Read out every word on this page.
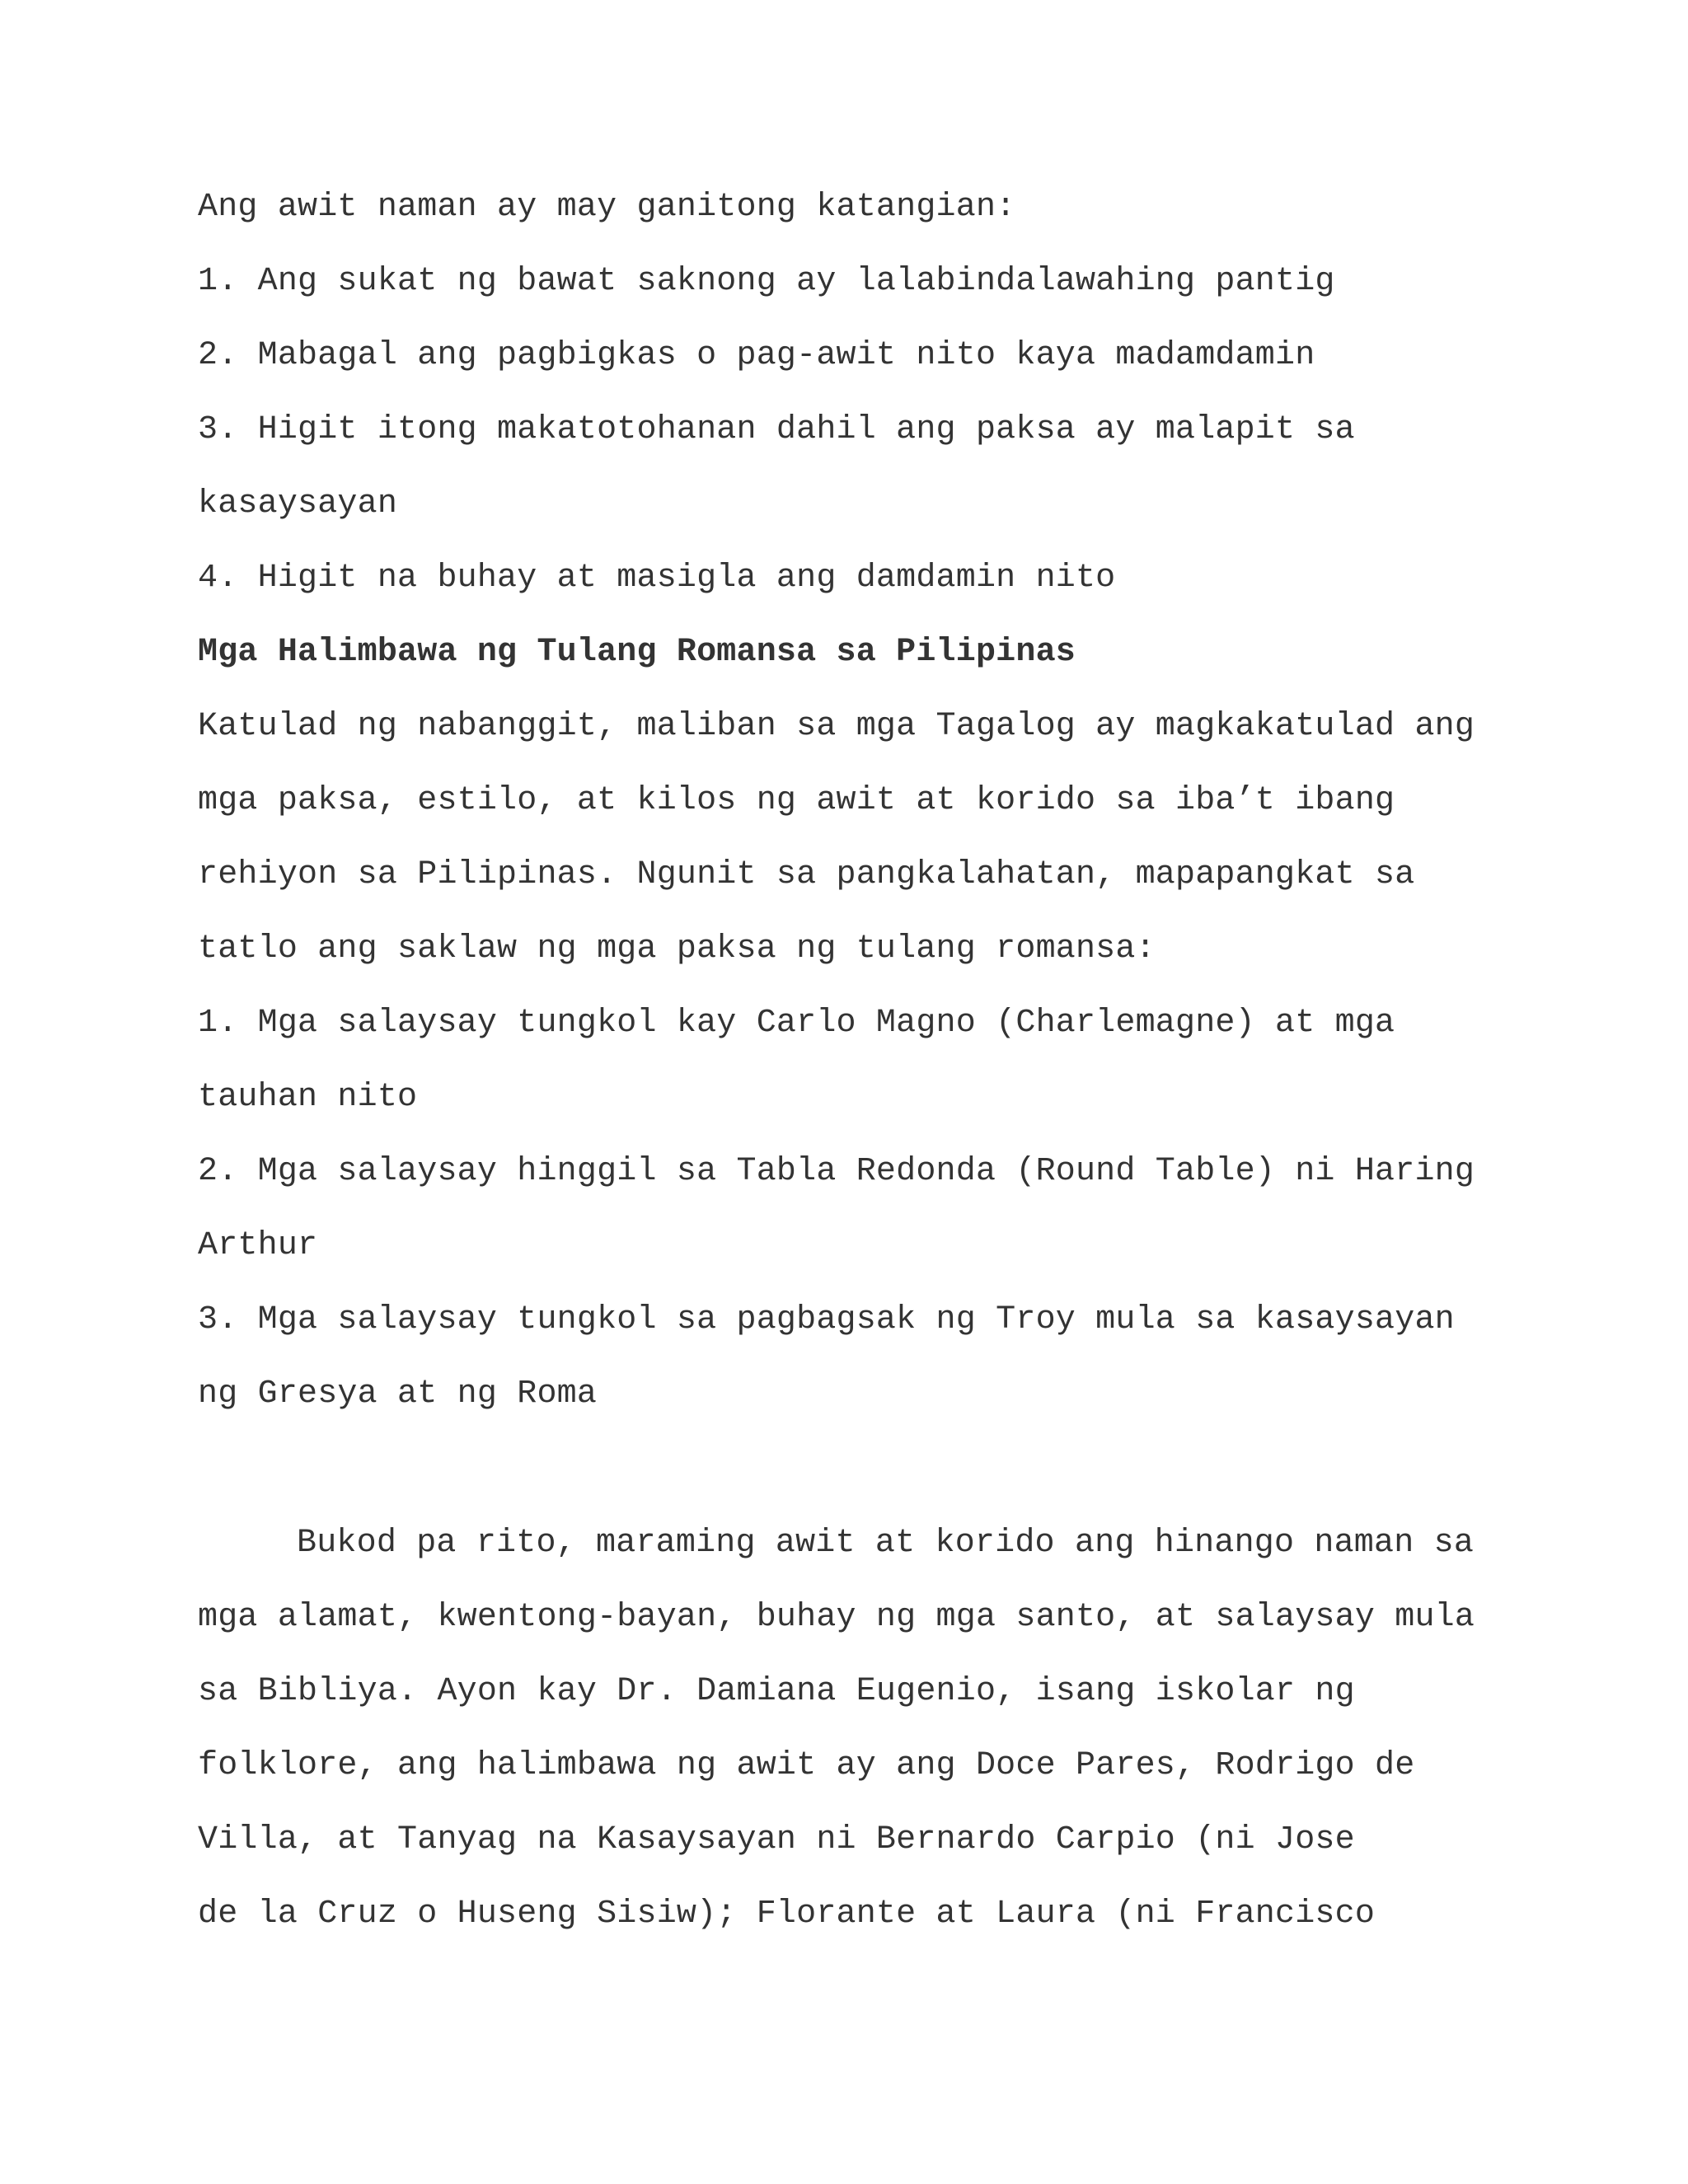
Ang awit naman ay may ganitong katangian:
1. Ang sukat ng bawat saknong ay lalabindalawahing pantig
2. Mabagal ang pagbigkas o pag-awit nito kaya madamdamin
3. Higit itong makatotohanan dahil ang paksa ay malapit sa
kasaysayan
4. Higit na buhay at masigla ang damdamin nito
Mga Halimbawa ng Tulang Romansa sa Pilipinas
Katulad ng nabanggit, maliban sa mga Tagalog ay magkakatulad ang
mga paksa, estilo, at kilos ng awit at korido sa iba’t ibang
rehiyon sa Pilipinas. Ngunit sa pangkalahatan, mapapangkat sa
tatlo ang saklaw ng mga paksa ng tulang romansa:
1. Mga salaysay tungkol kay Carlo Magno (Charlemagne) at mga
tauhan nito
2. Mga salaysay hinggil sa Tabla Redonda (Round Table) ni Haring
Arthur
3. Mga salaysay tungkol sa pagbagsak ng Troy mula sa kasaysayan
ng Gresya at ng Roma
Bukod pa rito, maraming awit at korido ang hinango naman sa
mga alamat, kwentong-bayan, buhay ng mga santo, at salaysay mula
sa Bibliya. Ayon kay Dr. Damiana Eugenio, isang iskolar ng
folklore, ang halimbawa ng awit ay ang Doce Pares, Rodrigo de
Villa, at Tanyag na Kasaysayan ni Bernardo Carpio (ni Jose
de la Cruz o Huseng Sisiw); Florante at Laura (ni Francisco
